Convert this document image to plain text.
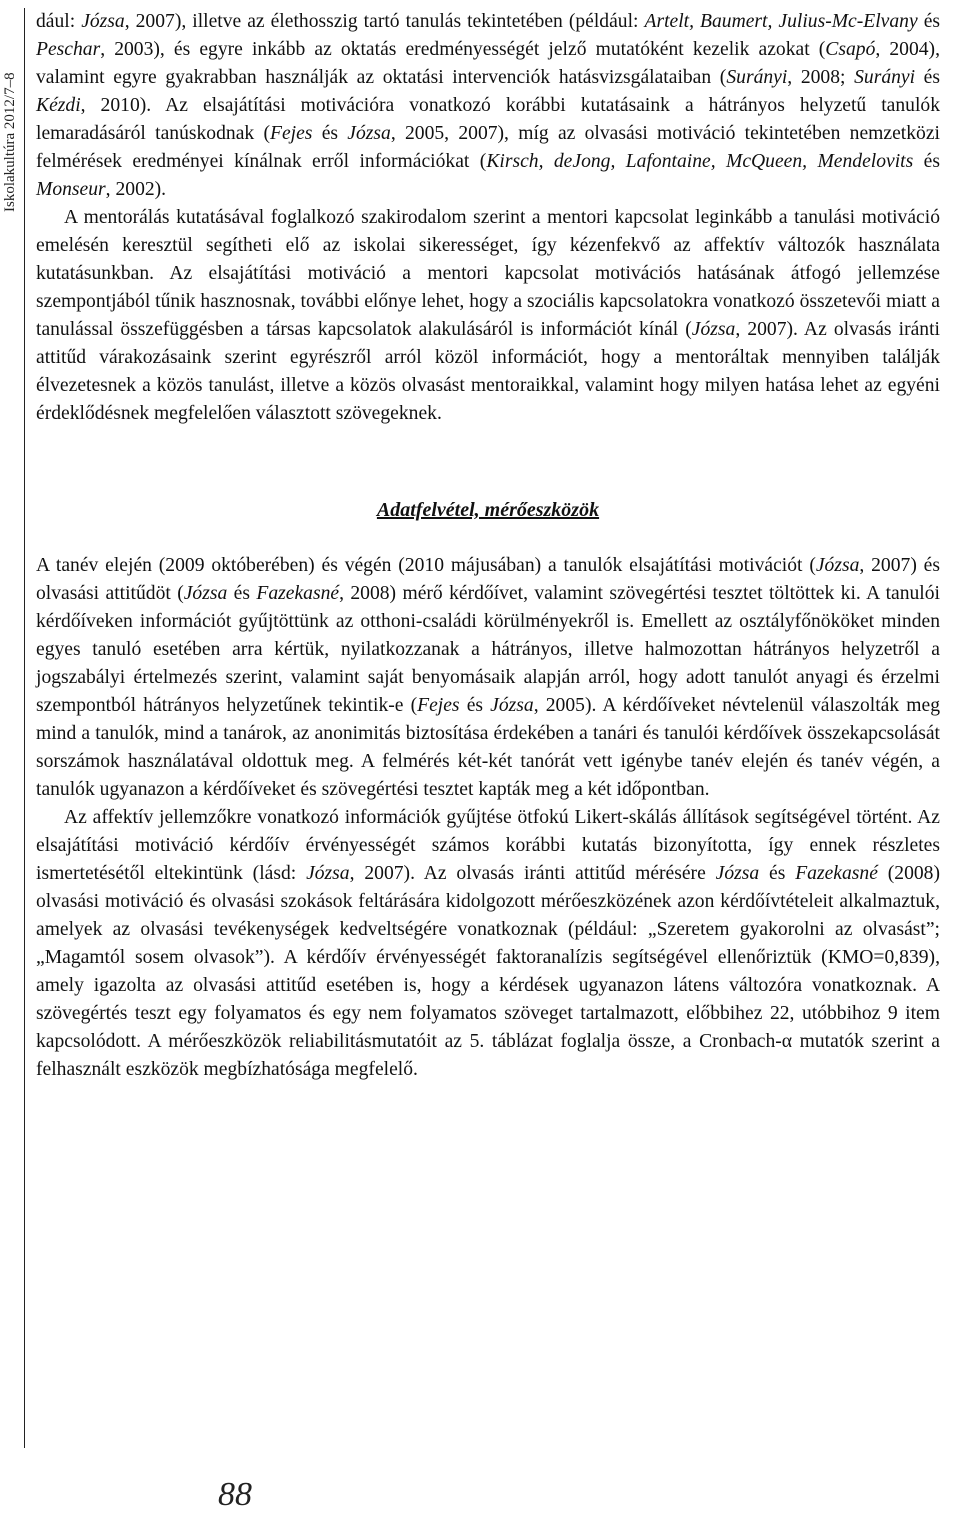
Iskolakultúra 2012/7–8

dául: Józsa, 2007), illetve az élethosszig tartó tanulás tekintetében (például: Artelt, Baumert, Julius-Mc-Elvany és Peschar, 2003), és egyre inkább az oktatás eredményességét jelző mutatóként kezelik azokat (Csapó, 2004), valamint egyre gyakrabban használják az oktatási intervenciók hatásvizsgálataiban (Surányi, 2008; Surányi és Kézdi, 2010). Az elsajátítási motivációra vonatkozó korábbi kutatásaink a hátrányos helyzetű tanulók lemaradásáról tanúskodnak (Fejes és Józsa, 2005, 2007), míg az olvasási motiváció tekintetében nemzetközi felmérések eredményei kínálnak erről információkat (Kirsch, deJong, Lafontaine, McQueen, Mendelovits és Monseur, 2002).

A mentorálás kutatásával foglalkozó szakirodalom szerint a mentori kapcsolat leginkább a tanulási motiváció emelésén keresztül segítheti elő az iskolai sikerességet, így kézenfekvő az affektív változók használata kutatásunkban. Az elsajátítási motiváció a mentori kapcsolat motivációs hatásának átfogó jellemzése szempontjából tűnik hasznosnak, további előnye lehet, hogy a szociális kapcsolatokra vonatkozó összetevői miatt a tanulással összefüggésben a társas kapcsolatok alakulásáról is információt kínál (Józsa, 2007). Az olvasás iránti attitűd várakozásaink szerint egyrészről arról közöl információt, hogy a mentoráltak mennyiben találják élvezetesnek a közös tanulást, illetve a közös olvasást mentoraikkal, valamint hogy milyen hatása lehet az egyéni érdeklődésnek megfelelően választott szövegeknek.

Adatfelvétel, mérőeszközök

A tanév elején (2009 októberében) és végén (2010 májusában) a tanulók elsajátítási motivációt (Józsa, 2007) és olvasási attitűdöt (Józsa és Fazekasné, 2008) mérő kérdőívet, valamint szövegértési tesztet töltöttek ki. A tanulói kérdőíveken információt gyűjtöttünk az otthoni-családi körülményekről is. Emellett az osztályfőnököket minden egyes tanuló esetében arra kértük, nyilatkozzanak a hátrányos, illetve halmozottan hátrányos helyzetről a jogszabályi értelmezés szerint, valamint saját benyomásaik alapján arról, hogy adott tanulót anyagi és érzelmi szempontból hátrányos helyzetűnek tekintik-e (Fejes és Józsa, 2005). A kérdőíveket névtelenül válaszolták meg mind a tanulók, mind a tanárok, az anonimitás biztosítása érdekében a tanári és tanulói kérdőívek összekapcsolását sorszámok használatával oldottuk meg. A felmérés két-két tanórát vett igénybe tanév elején és tanév végén, a tanulók ugyanazon a kérdőíveket és szövegértési tesztet kapták meg a két időpontban.

Az affektív jellemzőkre vonatkozó információk gyűjtése ötfokú Likert-skálás állítások segítségével történt. Az elsajátítási motiváció kérdőív érvényességét számos korábbi kutatás bizonyította, így ennek részletes ismertetésétől eltekintünk (lásd: Józsa, 2007). Az olvasás iránti attitűd mérésére Józsa és Fazekasné (2008) olvasási motiváció és olvasási szokások feltárására kidolgozott mérőeszközének azon kérdőívtételeit alkalmaztuk, amelyek az olvasási tevékenységek kedveltségére vonatkoznak (például: „Szeretem gyakorolni az olvasást”; „Magamtól sosem olvasok”). A kérdőív érvényességét faktoranalízis segítségével ellenőriztük (KMO=0,839), amely igazolta az olvasási attitűd esetében is, hogy a kérdések ugyanazon látens változóra vonatkoznak. A szövegértés teszt egy folyamatos és egy nem folyamatos szöveget tartalmazott, előbbihez 22, utóbbihoz 9 item kapcsolódott. A mérőeszközök reliabilitásmutatóit az 5. táblázat foglalja össze, a Cronbach-α mutatók szerint a felhasznált eszközök megbízhatósága megfelelő.

88
